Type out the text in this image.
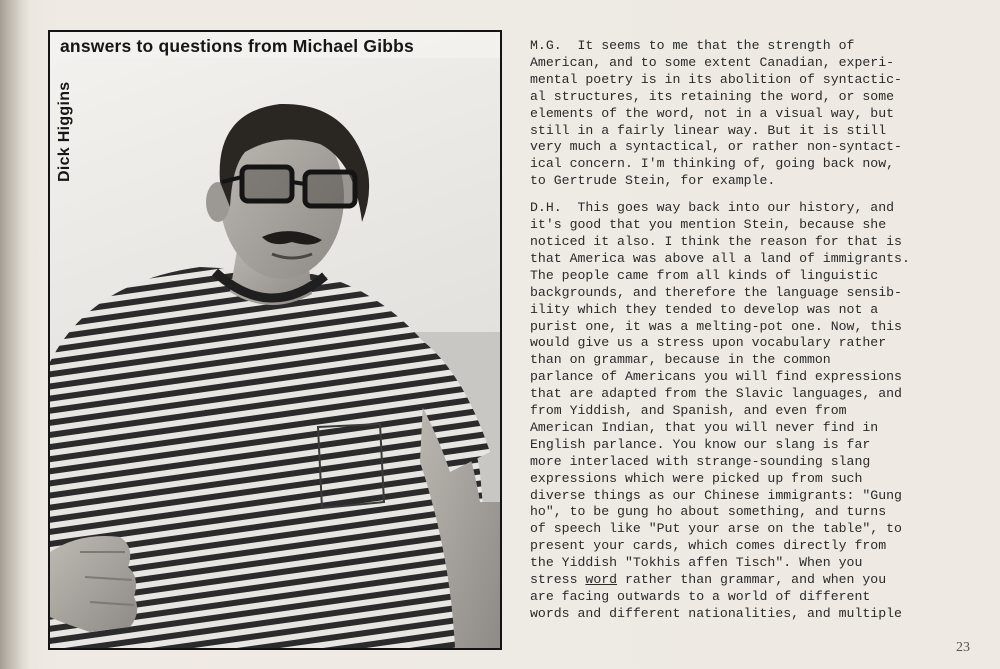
answers to questions from Michael Gibbs
Dick Higgins
M.G.  It seems to me that the strength of
American, and to some extent Canadian, experi-
mental poetry is in its abolition of syntactic-
al structures, its retaining the word, or some
elements of the word, not in a visual way, but
still in a fairly linear way. But it is still
very much a syntactical, or rather non-syntact-
ical concern. I'm thinking of, going back now,
to Gertrude Stein, for example.
D.H.  This goes way back into our history, and
it's good that you mention Stein, because she
noticed it also. I think the reason for that is
that America was above all a land of immigrants.
The people came from all kinds of linguistic
backgrounds, and therefore the language sensib-
ility which they tended to develop was not a
purist one, it was a melting-pot one. Now, this
would give us a stress upon vocabulary rather
than on grammar, because in the common
parlance of Americans you will find expressions
that are adapted from the Slavic languages, and
from Yiddish, and Spanish, and even from
American Indian, that you will never find in
English parlance. You know our slang is far
more interlaced with strange-sounding slang
expressions which were picked up from such
diverse things as our Chinese immigrants: "Gung
ho", to be gung ho about something, and turns
of speech like "Put your arse on the table", to
present your cards, which comes directly from
the Yiddish "Tokhis affen Tisch". When you
stress word rather than grammar, and when you
are facing outwards to a world of different
words and different nationalities, and multiple
23
